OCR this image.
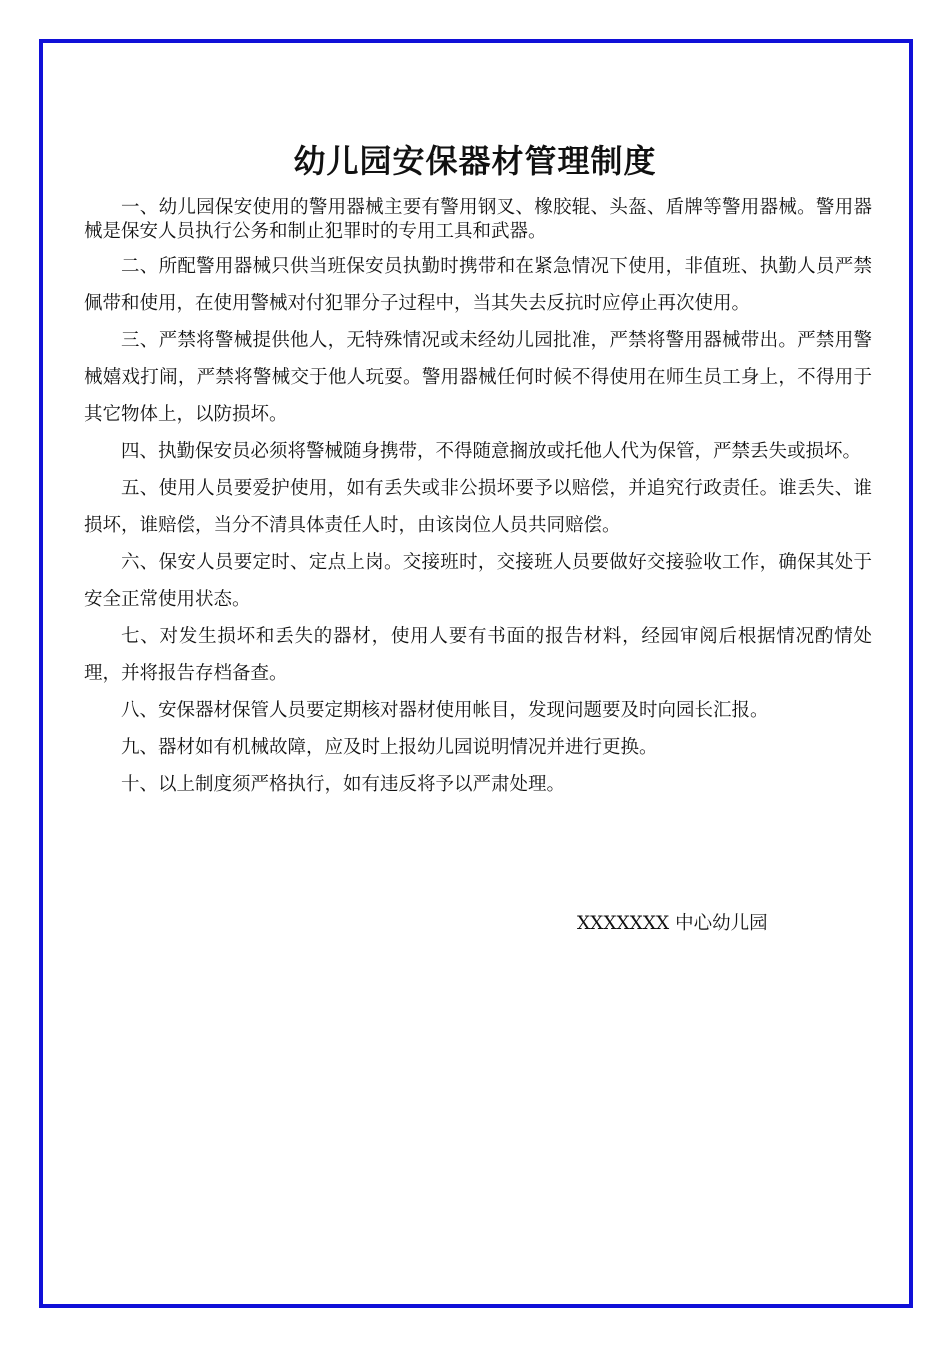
幼儿园安保器材管理制度

一、幼儿园保安使用的警用器械主要有警用钢叉、橡胶辊、头盔、盾牌等警用器械。警用器械是保安人员执行公务和制止犯罪时的专用工具和武器。

二、所配警用器械只供当班保安员执勤时携带和在紧急情况下使用，非值班、执勤人员严禁佩带和使用，在使用警械对付犯罪分子过程中，当其失去反抗时应停止再次使用。

三、严禁将警械提供他人，无特殊情况或未经幼儿园批准，严禁将警用器械带出。严禁用警械嬉戏打闹，严禁将警械交于他人玩耍。警用器械任何时候不得使用在师生员工身上，不得用于其它物体上，以防损坏。

四、执勤保安员必须将警械随身携带，不得随意搁放或托他人代为保管，严禁丢失或损坏。

五、使用人员要爱护使用，如有丢失或非公损坏要予以赔偿，并追究行政责任。谁丢失、谁损坏，谁赔偿，当分不清具体责任人时，由该岗位人员共同赔偿。

六、保安人员要定时、定点上岗。交接班时，交接班人员要做好交接验收工作，确保其处于安全正常使用状态。

七、对发生损坏和丢失的器材，使用人要有书面的报告材料，经园审阅后根据情况酌情处理，并将报告存档备查。

八、安保器材保管人员要定期核对器材使用帐目，发现问题要及时向园长汇报。

九、器材如有机械故障，应及时上报幼儿园说明情况并进行更换。

十、以上制度须严格执行，如有违反将予以严肃处理。

XXXXXXX 中心幼儿园
